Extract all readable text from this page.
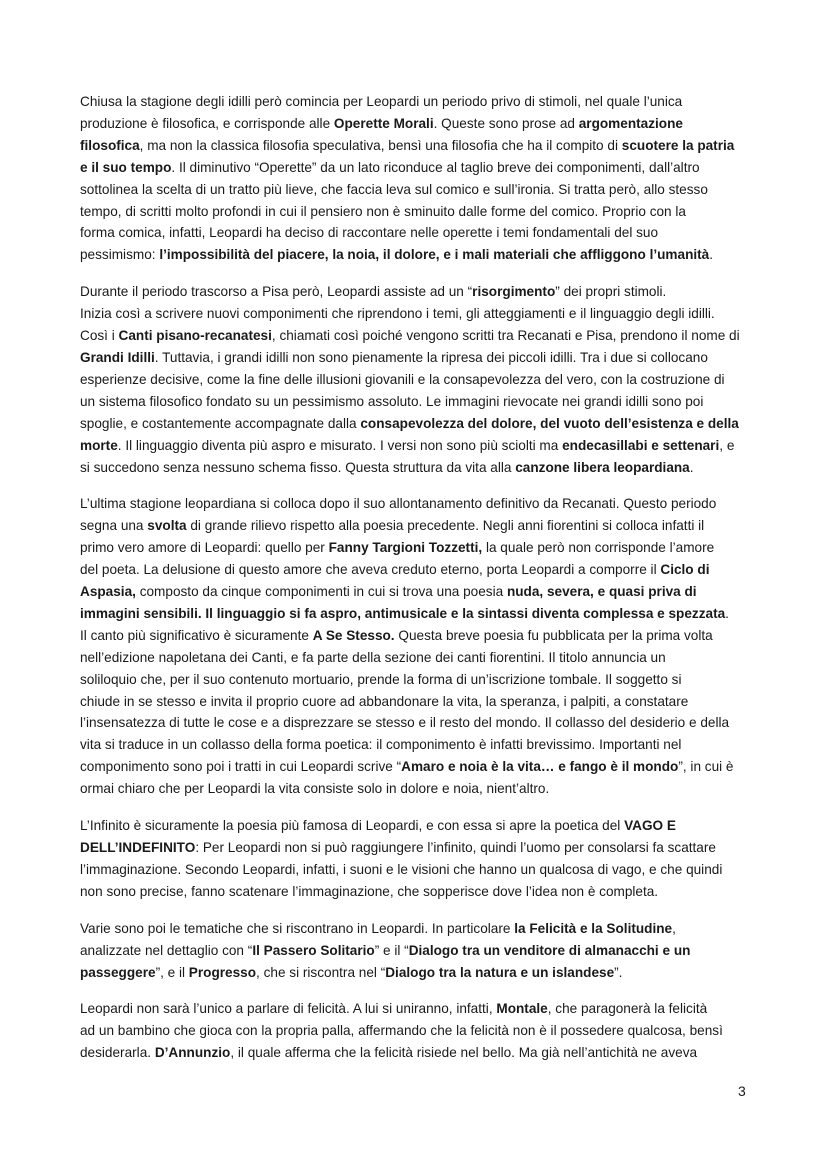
Chiusa la stagione degli idilli però comincia per Leopardi un periodo privo di stimoli, nel quale l’unica
produzione è filosofica, e corrisponde alle Operette Morali. Queste sono prose ad argomentazione
filosofica, ma non la classica filosofia speculativa, bensì una filosofia che ha il compito di scuotere la patria
e il suo tempo. Il diminutivo “Operette” da un lato riconduce al taglio breve dei componimenti, dall’altro
sottolinea la scelta di un tratto più lieve, che faccia leva sul comico e sull’ironia. Si tratta però, allo stesso
tempo, di scritti molto profondi in cui il pensiero non è sminuito dalle forme del comico. Proprio con la
forma comica, infatti, Leopardi ha deciso di raccontare nelle operette i temi fondamentali del suo
pessimismo: l’impossibilità del piacere, la noia, il dolore, e i mali materiali che affliggono l’umanità.

Durante il periodo trascorso a Pisa però, Leopardi assiste ad un “risorgimento” dei propri stimoli.
Inizia così a scrivere nuovi componimenti che riprendono i temi, gli atteggiamenti e il linguaggio degli idilli.
Così i Canti pisano-recanatesi, chiamati così poiché vengono scritti tra Recanati e Pisa, prendono il nome di
Grandi Idilli. Tuttavia, i grandi idilli non sono pienamente la ripresa dei piccoli idilli. Tra i due si collocano
esperienze decisive, come la fine delle illusioni giovanili e la consapevolezza del vero, con la costruzione di
un sistema filosofico fondato su un pessimismo assoluto. Le immagini rievocate nei grandi idilli sono poi
spoglie, e costantemente accompagnate dalla consapevolezza del dolore, del vuoto dell’esistenza e della
morte. Il linguaggio diventa più aspro e misurato. I versi non sono più sciolti ma endecasillabi e settenari, e
si succedono senza nessuno schema fisso. Questa struttura da vita alla canzone libera leopardiana.

L’ultima stagione leopardiana si colloca dopo il suo allontanamento definitivo da Recanati. Questo periodo
segna una svolta di grande rilievo rispetto alla poesia precedente. Negli anni fiorentini si colloca infatti il
primo vero amore di Leopardi: quello per Fanny Targioni Tozzetti, la quale però non corrisponde l’amore
del poeta. La delusione di questo amore che aveva creduto eterno, porta Leopardi a comporre il Ciclo di
Aspasia, composto da cinque componimenti in cui si trova una poesia nuda, severa, e quasi priva di
immagini sensibili. Il linguaggio si fa aspro, antimusicale e la sintassi diventa complessa e spezzata.
Il canto più significativo è sicuramente A Se Stesso. Questa breve poesia fu pubblicata per la prima volta
nell’edizione napoletana dei Canti, e fa parte della sezione dei canti fiorentini. Il titolo annuncia un
soliloquio che, per il suo contenuto mortuario, prende la forma di un’iscrizione tombale. Il soggetto si
chiude in se stesso e invita il proprio cuore ad abbandonare la vita, la speranza, i palpiti, a constatare
l’insensatezza di tutte le cose e a disprezzare se stesso e il resto del mondo. Il collasso del desiderio e della
vita si traduce in un collasso della forma poetica: il componimento è infatti brevissimo. Importanti nel
componimento sono poi i tratti in cui Leopardi scrive “Amaro e noia è la vita… e fango è il mondo”, in cui è
ormai chiaro che per Leopardi la vita consiste solo in dolore e noia, nient’altro.

L’Infinito è sicuramente la poesia più famosa di Leopardi, e con essa si apre la poetica del VAGO E
DELL’INDEFINITO: Per Leopardi non si può raggiungere l’infinito, quindi l’uomo per consolarsi fa scattare
l’immaginazione. Secondo Leopardi, infatti, i suoni e le visioni che hanno un qualcosa di vago, e che quindi
non sono precise, fanno scatenare l’immaginazione, che sopperisce dove l’idea non è completa.

Varie sono poi le tematiche che si riscontrano in Leopardi. In particolare la Felicità e la Solitudine,
analizzate nel dettaglio con “Il Passero Solitario” e il “Dialogo tra un venditore di almanacchi e un
passeggere”, e il Progresso, che si riscontra nel “Dialogo tra la natura e un islandese”.

Leopardi non sarà l’unico a parlare di felicità. A lui si uniranno, infatti, Montale, che paragonerà la felicità
ad un bambino che gioca con la propria palla, affermando che la felicità non è il possedere qualcosa, bensì
desiderarla. D’Annunzio, il quale afferma che la felicità risiede nel bello. Ma già nell’antichità ne aveva

3
